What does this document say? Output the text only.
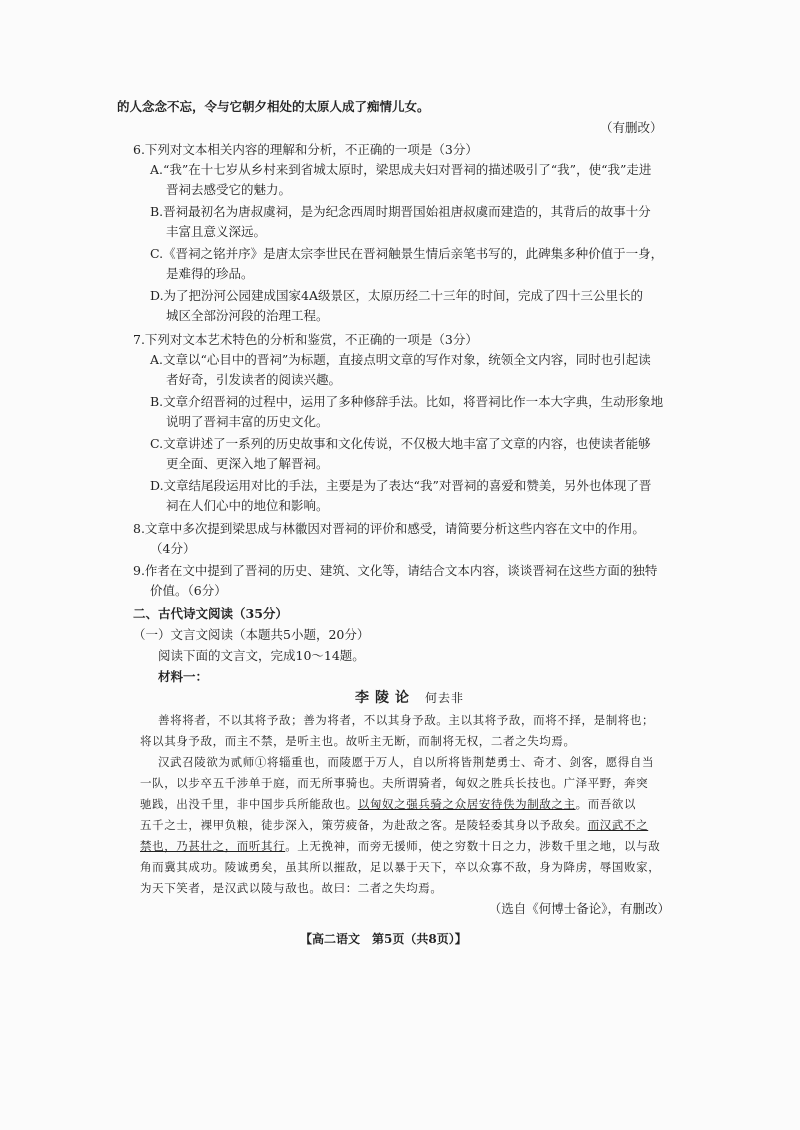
的人念念不忘，令与它朝夕相处的太原人成了痴情儿女。
（有删改）
6.下列对文本相关内容的理解和分析，不正确的一项是（3分）
A.“我”在十七岁从乡村来到省城太原时，梁思成夫妇对晋祠的描述吸引了“我”，使“我”走进
晋祠去感受它的魅力。
B.晋祠最初名为唐叔虞祠，是为纪念西周时期晋国始祖唐叔虞而建造的，其背后的故事十分
丰富且意义深远。
C.《晋祠之铭并序》是唐太宗李世民在晋祠触景生情后亲笔书写的，此碑集多种价值于一身，
是难得的珍品。
D.为了把汾河公园建成国家4A级景区，太原历经二十三年的时间，完成了四十三公里长的
城区全部汾河段的治理工程。
7.下列对文本艺术特色的分析和鉴赏，不正确的一项是（3分）
A.文章以“心目中的晋祠”为标题，直接点明文章的写作对象，统领全文内容，同时也引起读
者好奇，引发读者的阅读兴趣。
B.文章介绍晋祠的过程中，运用了多种修辞手法。比如，将晋祠比作一本大字典，生动形象地
说明了晋祠丰富的历史文化。
C.文章讲述了一系列的历史故事和文化传说，不仅极大地丰富了文章的内容，也使读者能够
更全面、更深入地了解晋祠。
D.文章结尾段运用对比的手法，主要是为了表达“我”对晋祠的喜爱和赞美，另外也体现了晋
祠在人们心中的地位和影响。
8.文章中多次提到梁思成与林徽因对晋祠的评价和感受，请简要分析这些内容在文中的作用。
（4分）
9.作者在文中提到了晋祠的历史、建筑、文化等，请结合文本内容，谈谈晋祠在这些方面的独特
价值。（6分）
二、古代诗文阅读（35分）
（一）文言文阅读（本题共5小题，20分）
阅读下面的文言文，完成10～14题。
材料一：
李陵论 何去非
善将将者，不以其将予敌；善为将者，不以其身予敌。主以其将予敌，而将不择，是制将也；
将以其身予敌，而主不禁，是听主也。故听主无断，而制将无权，二者之失均焉。
汉武召陵欲为贰师①将辎重也，而陵愿于万人，自以所将皆荆楚勇士、奇才、剑客，愿得自当
一队，以步卒五千涉单于庭，而无所事骑也。夫所谓骑者，匈奴之胜兵长技也。广泽平野，奔突
驰践，出没千里，非中国步兵所能敌也。以匈奴之强兵骑之众居安待佚为制敌之主。而吾欲以
五千之士，裸甲负粮，徒步深入，策劳疲备，为赴敌之客。是陵轻委其身以予敌矣。而汉武不之
禁也，乃甚壮之，而听其行。上无挽神，而旁无援师，使之穷数十日之力，涉数千里之地，以与敌
角而冀其成功。陵诚勇矣，虽其所以摧敌，足以暴于天下，卒以众寡不敌，身为降虏，辱国败家，
为天下笑者，是汉武以陵与敌也。故曰：二者之失均焉。
（选自《何博士备论》，有删改）
【高二语文　第5页（共8页）】
